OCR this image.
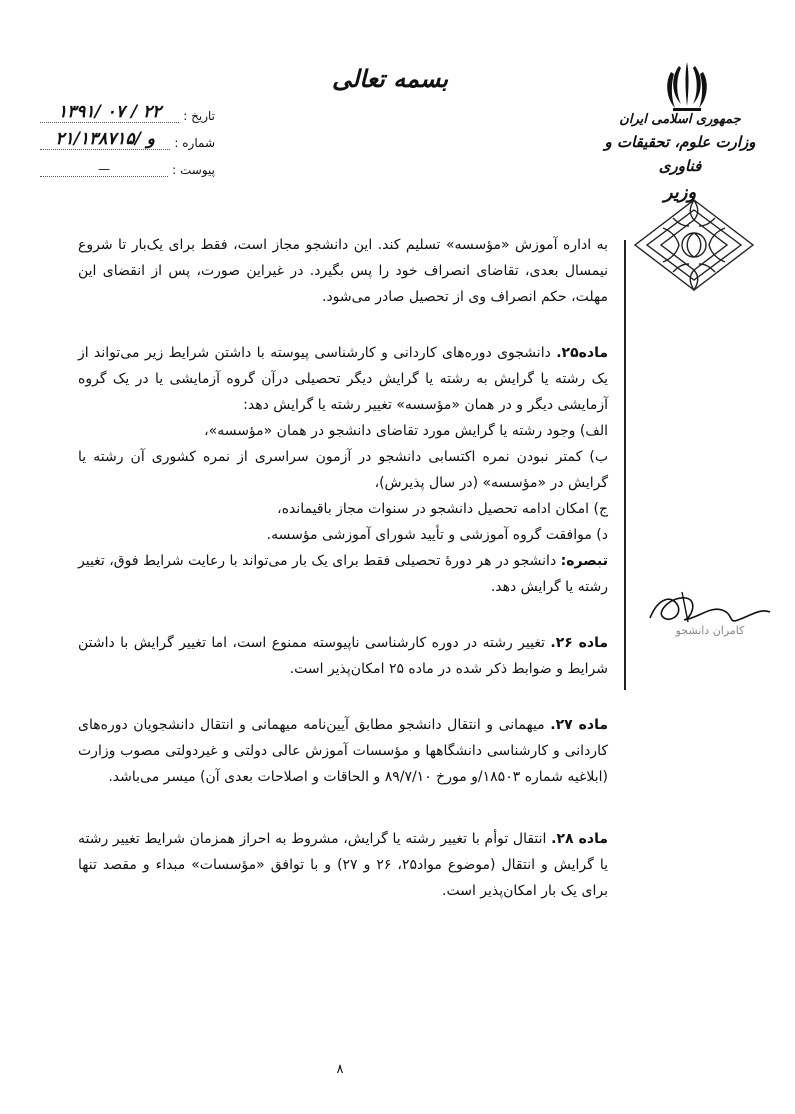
بسمه تعالی
تاریخ :
۱۳۹۱/ ۰۷ / ۲۲
شماره :
۲۱/۱۳۸۷۱۵/ و
پیوست :
—
جمهوری اسلامی ایران
وزارت علوم، تحقیقات و فناوری
وزیر
کامران دانشجو

به اداره آموزش «مؤسسه» تسلیم کند. این دانشجو مجاز است، فقط برای یک‌بار تا شروع نیمسال بعدی، تقاضای انصراف خود را پس بگیرد. در غیراین صورت، پس از انقضای این مهلت، حکم انصراف وی از تحصیل صادر می‌شود.

ماده۲۵. دانشجوی دوره‌های کاردانی و کارشناسی پیوسته با داشتن شرایط زیر می‌تواند از یک رشته یا گرایش به رشته یا گرایش دیگر تحصیلی درآن گروه آزمایشی یا در یک گروه آزمایشی دیگر و در همان «مؤسسه» تغییر رشته یا گرایش دهد:

الف) وجود رشته یا گرایش مورد تقاضای دانشجو در همان «مؤسسه»،

ب) کمتر نبودن نمره اکتسابی دانشجو در آزمون سراسری از نمره کشوری آن رشته یا گرایش در «مؤسسه» (در سال پذیرش)،

ج) امکان ادامه تحصیل دانشجو در سنوات مجاز باقیمانده،

د) موافقت گروه آموزشی و تأیید شورای آموزشی مؤسسه.

تبصره: دانشجو در هر دورۀ تحصیلی فقط برای یک بار می‌تواند با رعایت شرایط فوق، تغییر رشته یا گرایش دهد.

ماده ۲۶. تغییر رشته در دوره کارشناسی ناپیوسته ممنوع است، اما تغییر گرایش با داشتن شرایط و ضوابط ذکر شده در ماده ۲۵ امکان‌پذیر است.

ماده ۲۷. میهمانی و انتقال دانشجو مطابق آیین‌نامه میهمانی و انتقال دانشجویان دوره‌های کاردانی و کارشناسی دانشگاهها و مؤسسات آموزش عالی دولتی و غیردولتی مصوب وزارت (ابلاغیه شماره ۱۸۵۰۳/و مورخ ۸۹/۷/۱۰ و الحاقات و اصلاحات بعدی آن) میسر می‌باشد.

ماده ۲۸. انتقال توأم با تغییر رشته یا گرایش، مشروط به احراز همزمان شرایط تغییر رشته یا گرایش و انتقال (موضوع مواد۲۵، ۲۶ و ۲۷) و با توافق «مؤسسات» مبداء و مقصد تنها برای یک بار امکان‌پذیر است.

۸
